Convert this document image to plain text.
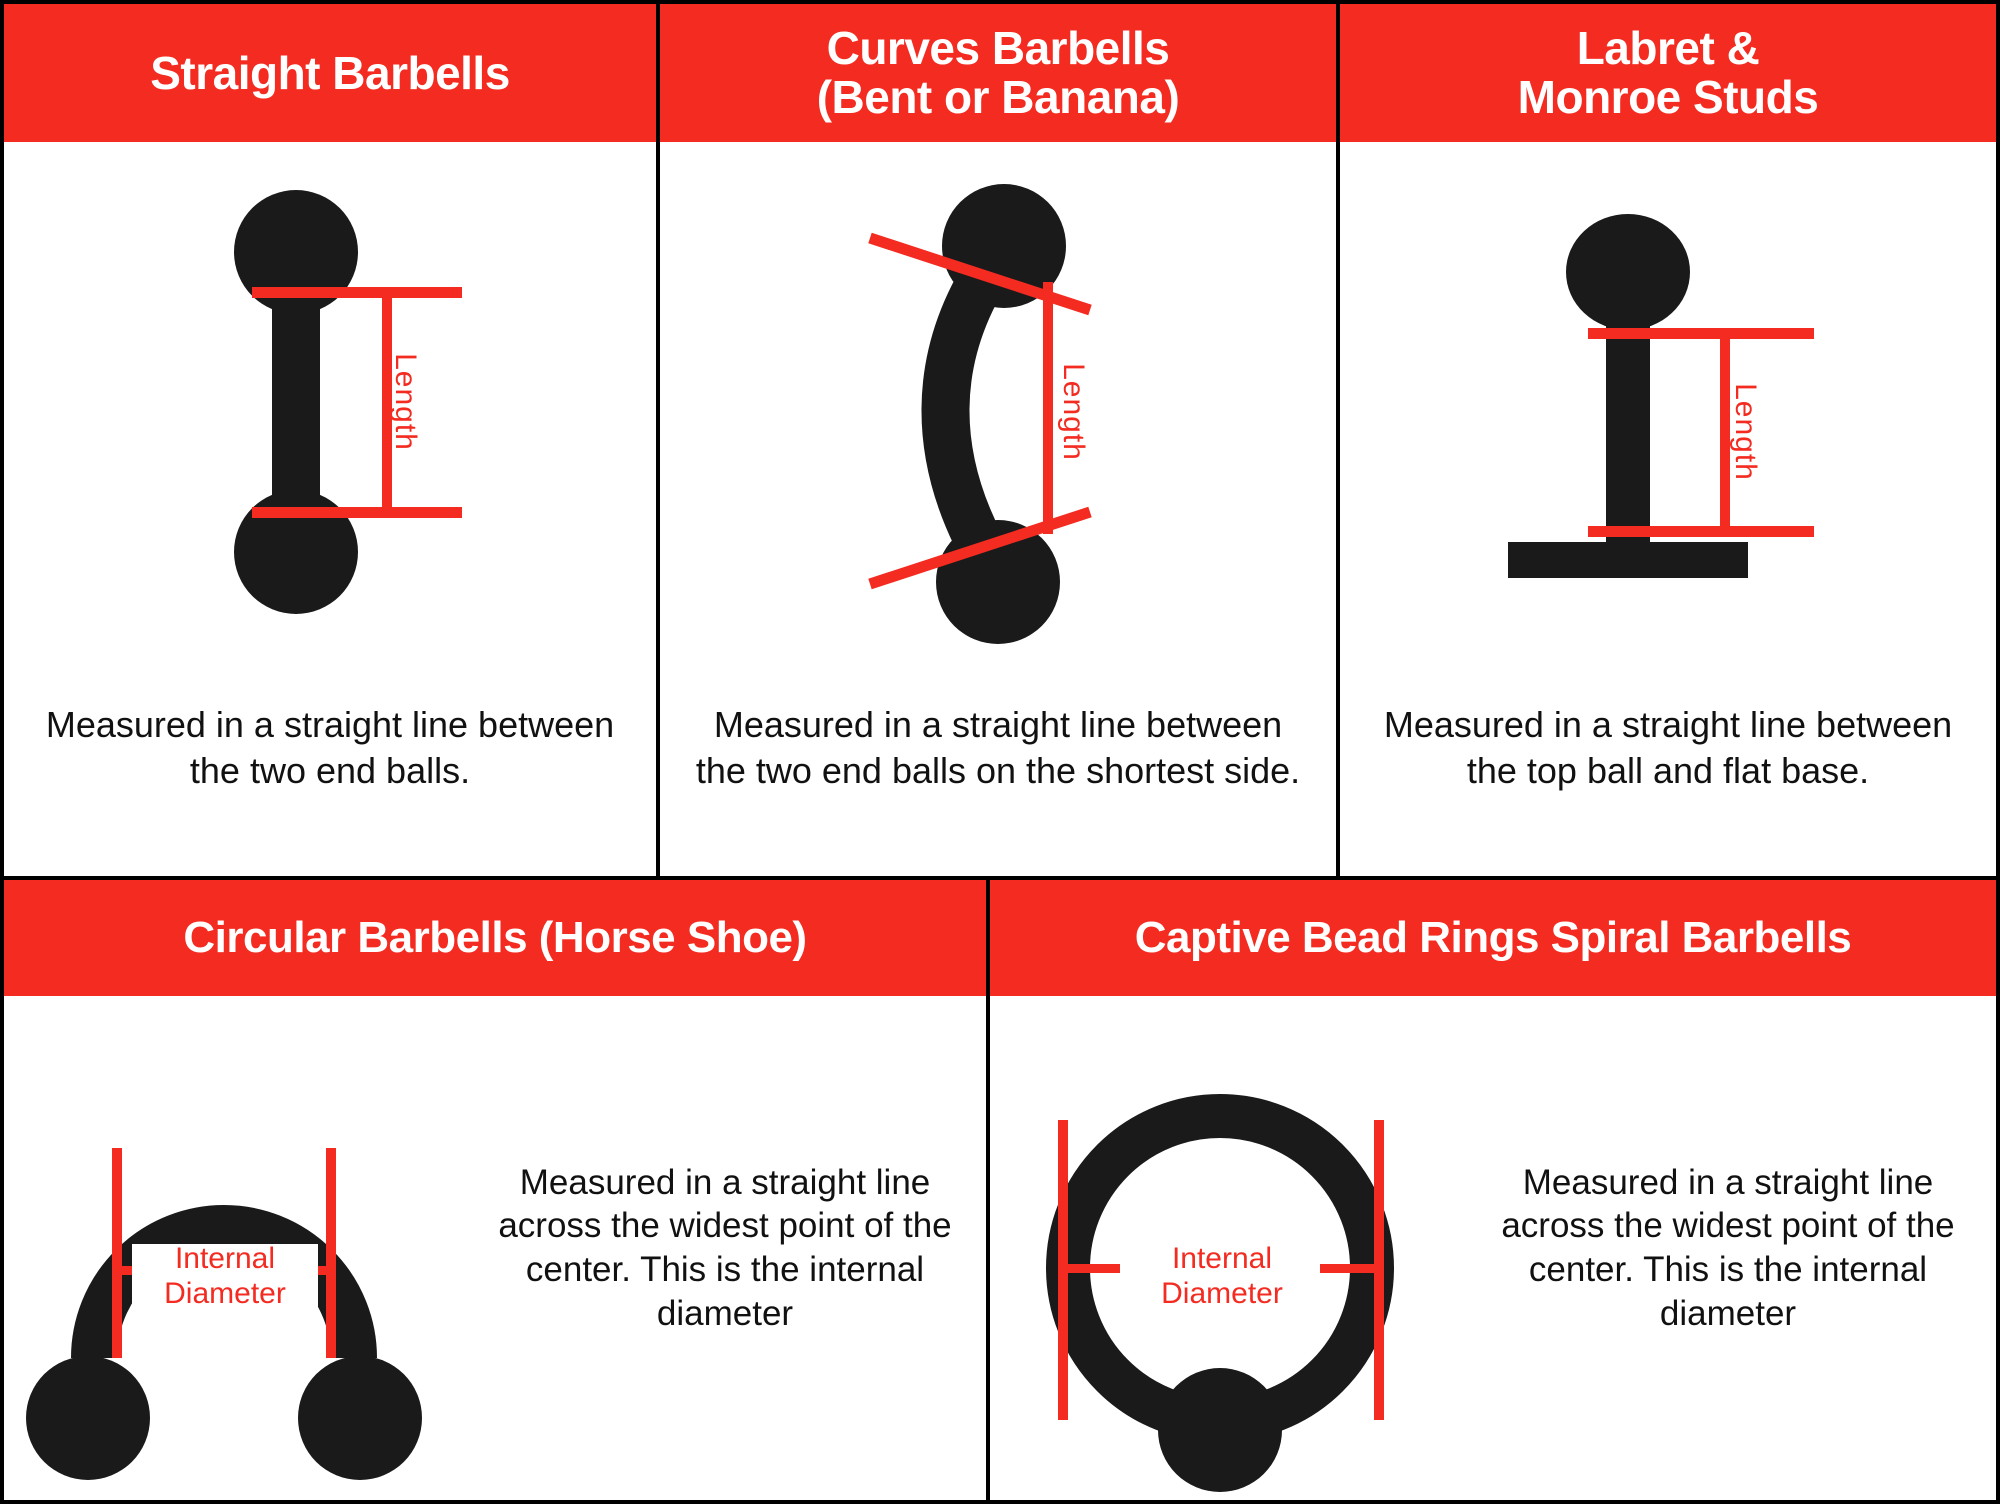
Straight Barbells
Length
Measured in a straight line between the two end balls.
Curves Barbells
(Bent or Banana)
Length
Measured in a straight line between the two end balls on the shortest side.
Labret &
Monroe Studs
Length
Measured in a straight line between the top ball and flat base.
Circular Barbells (Horse Shoe)
Internal
Diameter
Measured in a straight line across the widest point of the center. This is the internal diameter
Captive Bead Rings Spiral Barbells
Internal
Diameter
Measured in a straight line across the widest point of the center. This is the internal diameter
